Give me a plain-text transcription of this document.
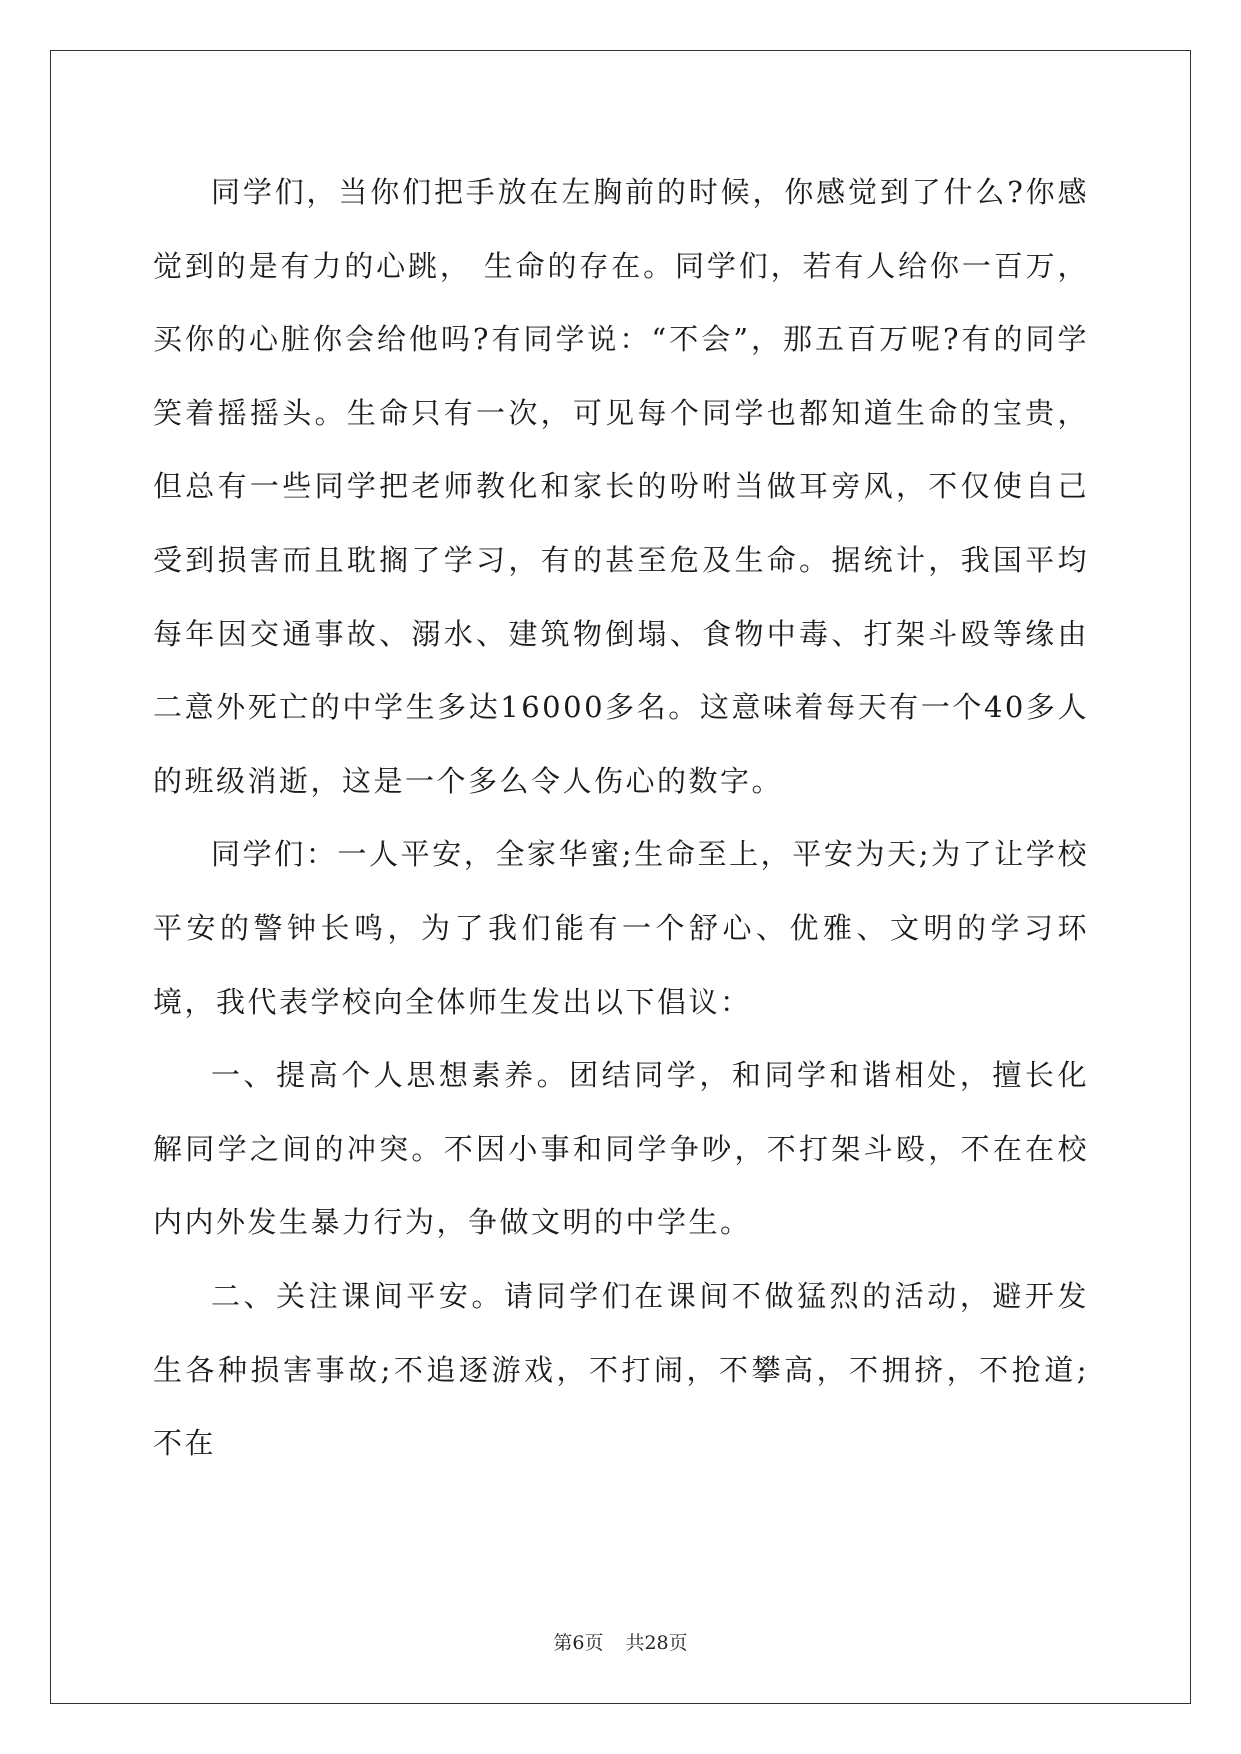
同学们，当你们把手放在左胸前的时候，你感觉到了什么?你感觉到的是有力的心跳， 生命的存在。同学们，若有人给你一百万，买你的心脏你会给他吗?有同学说：“不会”，那五百万呢?有的同学笑着摇摇头。生命只有一次，可见每个同学也都知道生命的宝贵，但总有一些同学把老师教化和家长的吩咐当做耳旁风，不仅使自己受到损害而且耽搁了学习，有的甚至危及生命。据统计，我国平均每年因交通事故、溺水、建筑物倒塌、食物中毒、打架斗殴等缘由二意外死亡的中学生多达16000多名。这意味着每天有一个40多人的班级消逝，这是一个多么令人伤心的数字。

同学们：一人平安，全家华蜜;生命至上，平安为天;为了让学校平安的警钟长鸣，为了我们能有一个舒心、优雅、文明的学习环境，我代表学校向全体师生发出以下倡议：

一、提高个人思想素养。团结同学，和同学和谐相处，擅长化解同学之间的冲突。不因小事和同学争吵，不打架斗殴，不在在校内内外发生暴力行为，争做文明的中学生。

二、关注课间平安。请同学们在课间不做猛烈的活动，避开发生各种损害事故;不追逐游戏，不打闹，不攀高，不拥挤，不抢道;不在

第6页 共28页
